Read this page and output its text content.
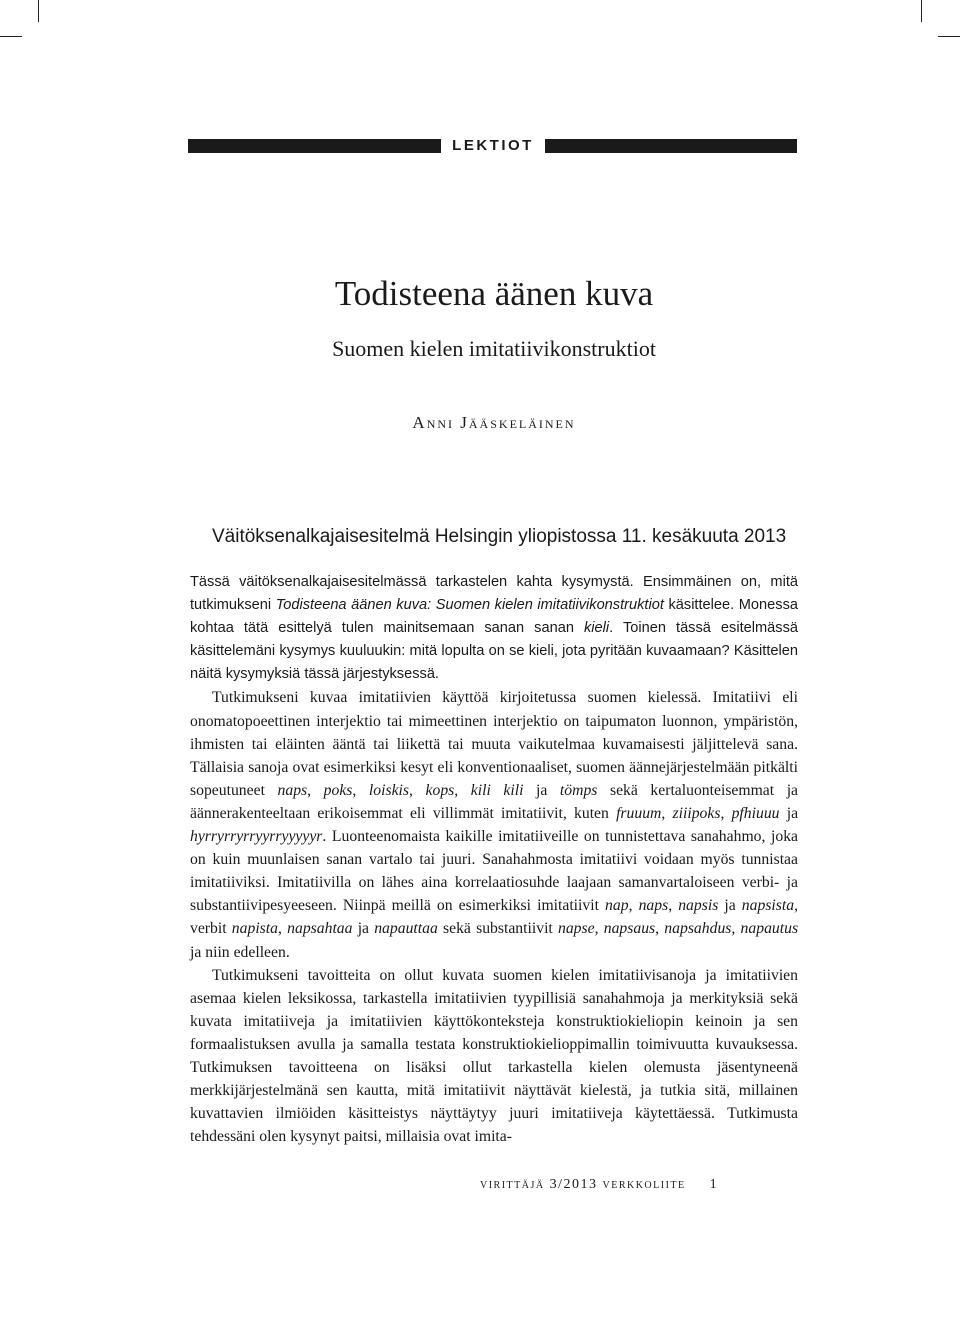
LEKTIOT
Todisteena äänen kuva
Suomen kielen imitatiivikonstruktiot
Anni Jääskeläinen
Väitöksenalkajaisesitelmä Helsingin yliopistossa 11. kesäkuuta 2013

Tässä väitöksenalkajaisesitelmässä tarkastelen kahta kysymystä. Ensimmäinen on, mitä tutkimukseni Todisteena äänen kuva: Suomen kielen imitatiivikonstruktiot käsittelee. Monessa kohtaa tätä esittelyä tulen mainitsemaan sanan sanan kieli. Toinen tässä esitelmässä käsittelemäni kysymys kuuluukin: mitä lopulta on se kieli, jota pyritään kuvaamaan? Käsittelen näitä kysymyksiä tässä järjestyksessä.

Tutkimukseni kuvaa imitatiivien käyttöä kirjoitetussa suomen kielessä. Imitatiivi eli onomatopoeettinen interjektio tai mimeettinen interjektio on taipumaton luonnon, ympäristön, ihmisten tai eläinten ääntä tai liikettä tai muuta vaikutelmaa kuvamaisesti jäljittelevä sana. Tällaisia sanoja ovat esimerkiksi kesyt eli konventionaaliset, suomen äännejärjestelmään pitkälti sopeutuneet naps, poks, loiskis, kops, kili kili ja tömps sekä kertaluonteisemmat ja äännerakenteeltaan erikoisemmat eli villimmät imitatiivit, kuten fruuum, ziiipoks, pfhiuuu ja hyrryrryrryyrryyyyyr. Luonteenomaista kaikille imitatiiveille on tunnistettava sanahahmo, joka on kuin muunlaisen sanan vartalo tai juuri. Sanahahmosta imitatiivi voidaan myös tunnistaa imitatiiviksi. Imitatiivilla on lähes aina korrelaatiosuhde laajaan samanvartaloiseen verbi- ja substantiivipesyeeseen. Niinpä meillä on esimerkiksi imitatiivit nap, naps, napsis ja napsista, verbit napista, napsahtaa ja napauttaa sekä substantiivit napse, napsaus, napsahdus, napautus ja niin edelleen.

Tutkimukseni tavoitteita on ollut kuvata suomen kielen imitatiivisanoja ja imitatiivien asemaa kielen leksikossa, tarkastella imitatiivien tyypillisiä sanahahmoja ja merkityksiä sekä kuvata imitatiiveja ja imitatiivien käyttökonteksteja konstruktiokieliopin keinoin ja sen formaalistuksen avulla ja samalla testata konstruktiokielioppimallin toimivuutta kuvauksessa. Tutkimuksen tavoitteena on lisäksi ollut tarkastella kielen olemusta jäsentyneenä merkkijärjestelmänä sen kautta, mitä imitatiivit näyttävät kielestä, ja tutkia sitä, millainen kuvattavien ilmiöiden käsitteistys näyttäytyy juuri imitatiiveja käytettäessä. Tutkimusta tehdessäni olen kysynyt paitsi, millaisia ovat imita-

virittäjä 3/2013 verkkoliite 1
